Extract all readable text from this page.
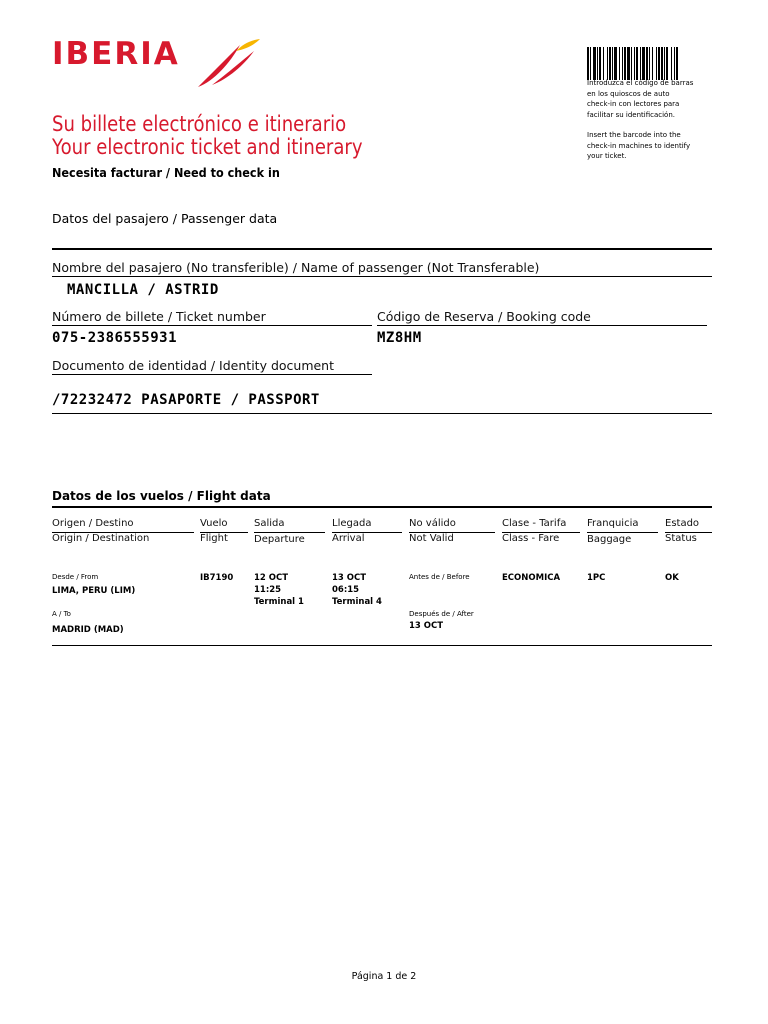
IBERIA
Su billete electrónico e itinerario
Your electronic ticket and itinerary
Necesita facturar / Need to check in
Introduzca el código de barras
en los quioscos de auto
check-in con lectores para
facilitar su identificación.
Insert the barcode into the
check-in machines to identify
your ticket.
Datos del pasajero / Passenger data
Nombre del pasajero (No transferible) / Name of passenger (Not Transferable)
MANCILLA / ASTRID
Número de billete / Ticket number
075-2386555931
Código de Reserva / Booking code
MZ8HM
Documento de identidad / Identity document
/72232472 PASAPORTE / PASSPORT
Datos de los vuelos / Flight data
Origen / Destino
Origin / Destination
Vuelo
Flight
Salida
Departure
Llegada
Arrival
No válido
Not Valid
Clase - Tarifa
Class - Fare
Franquicia
Baggage
Estado
Status
Desde / From
LIMA, PERU (LIM)
A / To
MADRID (MAD)
IB7190 12 OCT
11:25
Terminal 1
13 OCT
06:15
Terminal 4
Antes de / Before
Después de / After
13 OCT
ECONOMICA	1PC	OK
Página 1 de 2
